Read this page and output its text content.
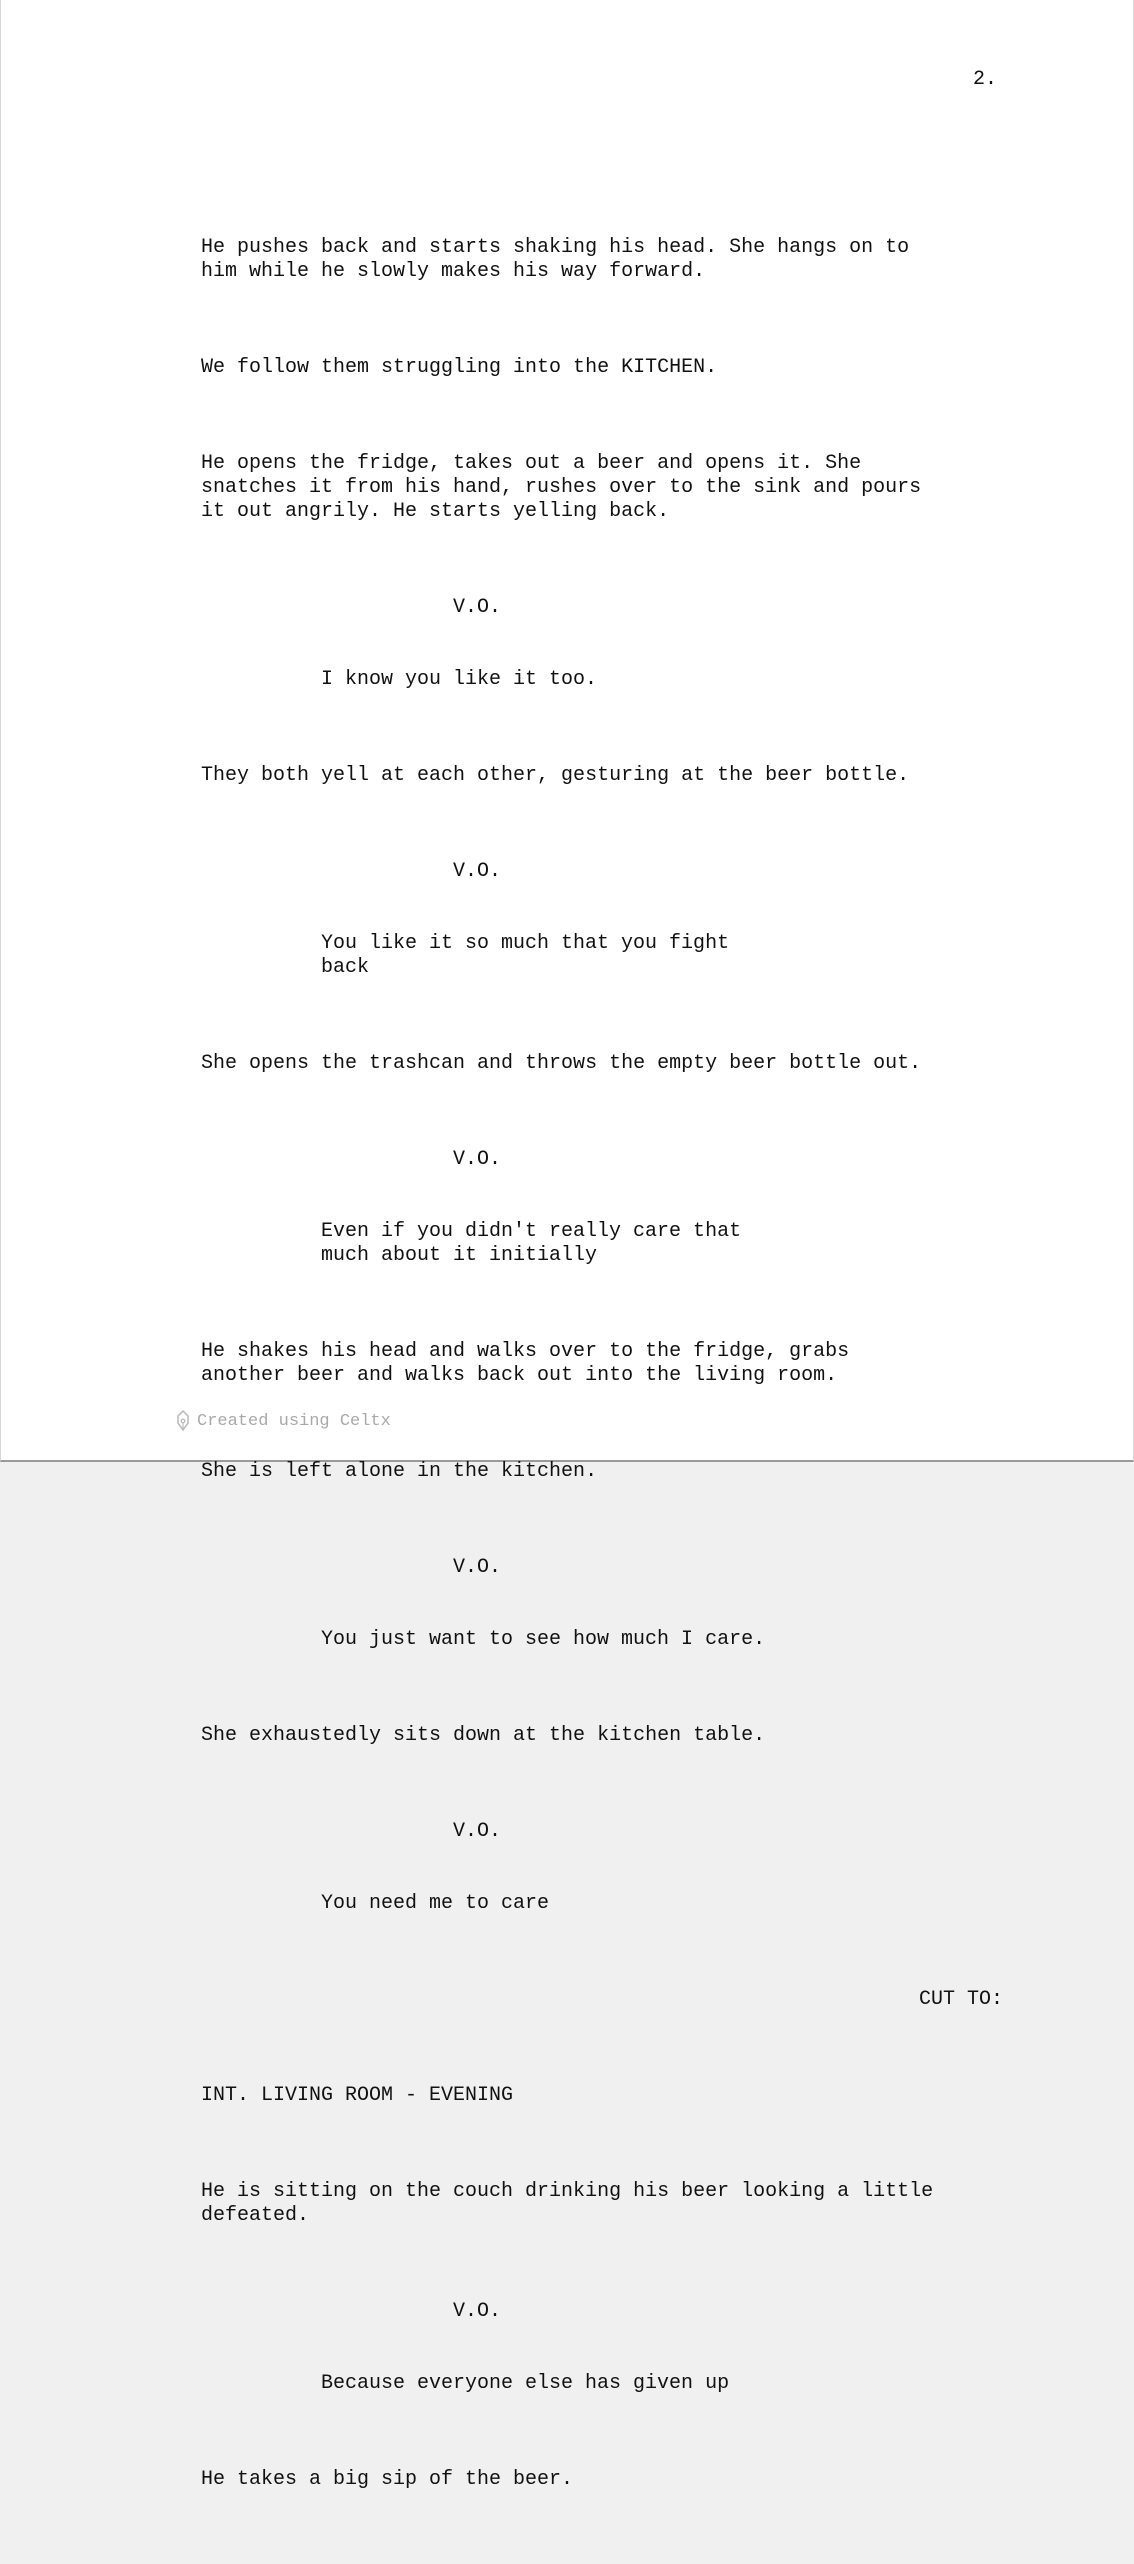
2.

He pushes back and starts shaking his head. She hangs on to
him while he slowly makes his way forward.

We follow them struggling into the KITCHEN.

He opens the fridge, takes out a beer and opens it. She
snatches it from his hand, rushes over to the sink and pours
it out angrily. He starts yelling back.

V.O.

I know you like it too.

They both yell at each other, gesturing at the beer bottle.

V.O.

You like it so much that you fight
back

She opens the trashcan and throws the empty beer bottle out.

V.O.

Even if you didn't really care that
much about it initially

He shakes his head and walks over to the fridge, grabs
another beer and walks back out into the living room.

She is left alone in the kitchen.

V.O.

You just want to see how much I care.

She exhaustedly sits down at the kitchen table.

V.O.

You need me to care

CUT TO:

INT. LIVING ROOM - EVENING

He is sitting on the couch drinking his beer looking a little
defeated.

V.O.

Because everyone else has given up

He takes a big sip of the beer.

Created using Celtx
